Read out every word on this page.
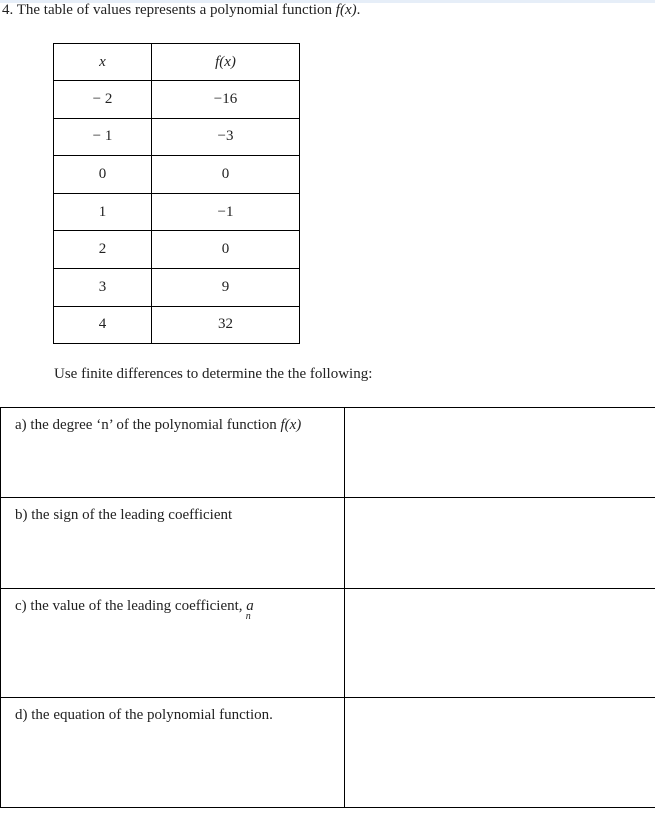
4. The table of values represents a polynomial function f(x).
x	f(x)
− 2	−16
− 1	−3
0	0
1	−1
2	0
3	9
4	32
Use finite differences to determine the the following:
a) the degree ‘n’ of the polynomial function f(x)	
b) the sign of the leading coefficient	
c) the value of the leading coefficient, $a_n$	
d) the equation of the polynomial function.	
